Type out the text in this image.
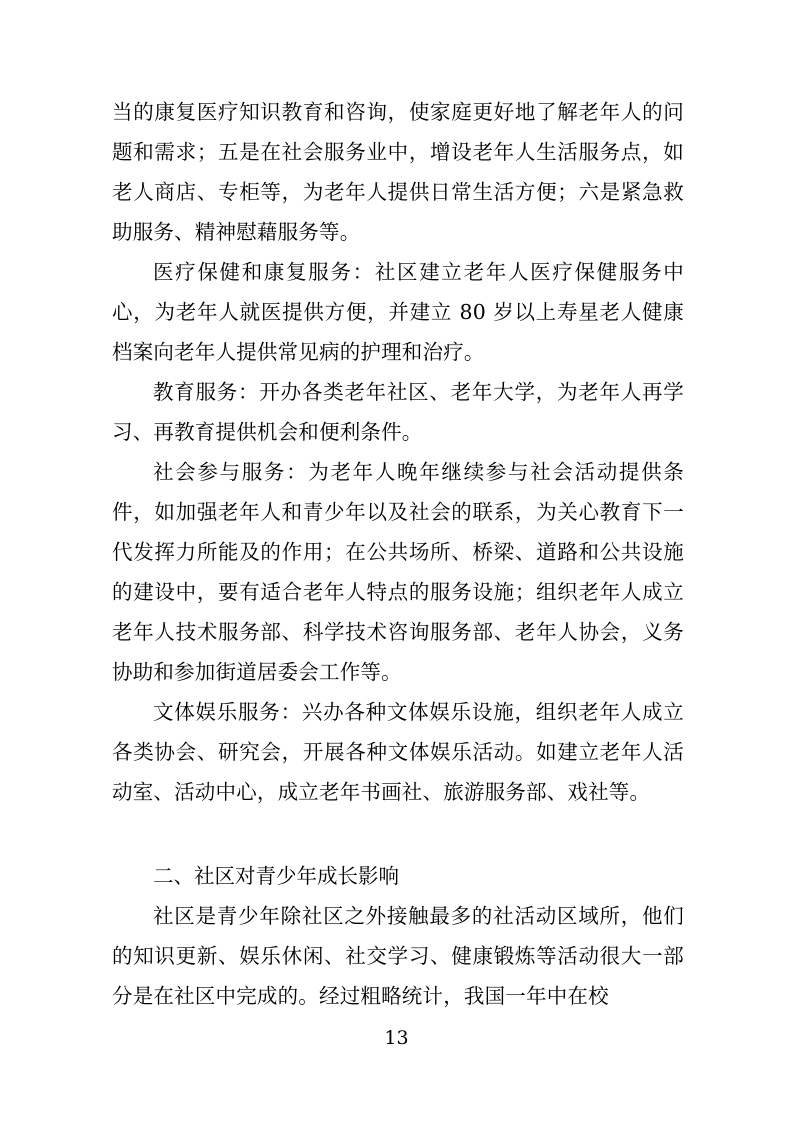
当的康复医疗知识教育和咨询，使家庭更好地了解老年人的问题和需求；五是在社会服务业中，增设老年人生活服务点，如老人商店、专柜等，为老年人提供日常生活方便；六是紧急救助服务、精神慰藉服务等。

医疗保健和康复服务：社区建立老年人医疗保健服务中心，为老年人就医提供方便，并建立 80 岁以上寿星老人健康档案向老年人提供常见病的护理和治疗。

教育服务：开办各类老年社区、老年大学，为老年人再学习、再教育提供机会和便利条件。

社会参与服务：为老年人晚年继续参与社会活动提供条件，如加强老年人和青少年以及社会的联系，为关心教育下一代发挥力所能及的作用；在公共场所、桥梁、道路和公共设施的建设中，要有适合老年人特点的服务设施；组织老年人成立老年人技术服务部、科学技术咨询服务部、老年人协会，义务协助和参加街道居委会工作等。

文体娱乐服务：兴办各种文体娱乐设施，组织老年人成立各类协会、研究会，开展各种文体娱乐活动。如建立老年人活动室、活动中心，成立老年书画社、旅游服务部、戏社等。

二、社区对青少年成长影响

社区是青少年除社区之外接触最多的社活动区域所，他们的知识更新、娱乐休闲、社交学习、健康锻炼等活动很大一部分是在社区中完成的。经过粗略统计，我国一年中在校

13
